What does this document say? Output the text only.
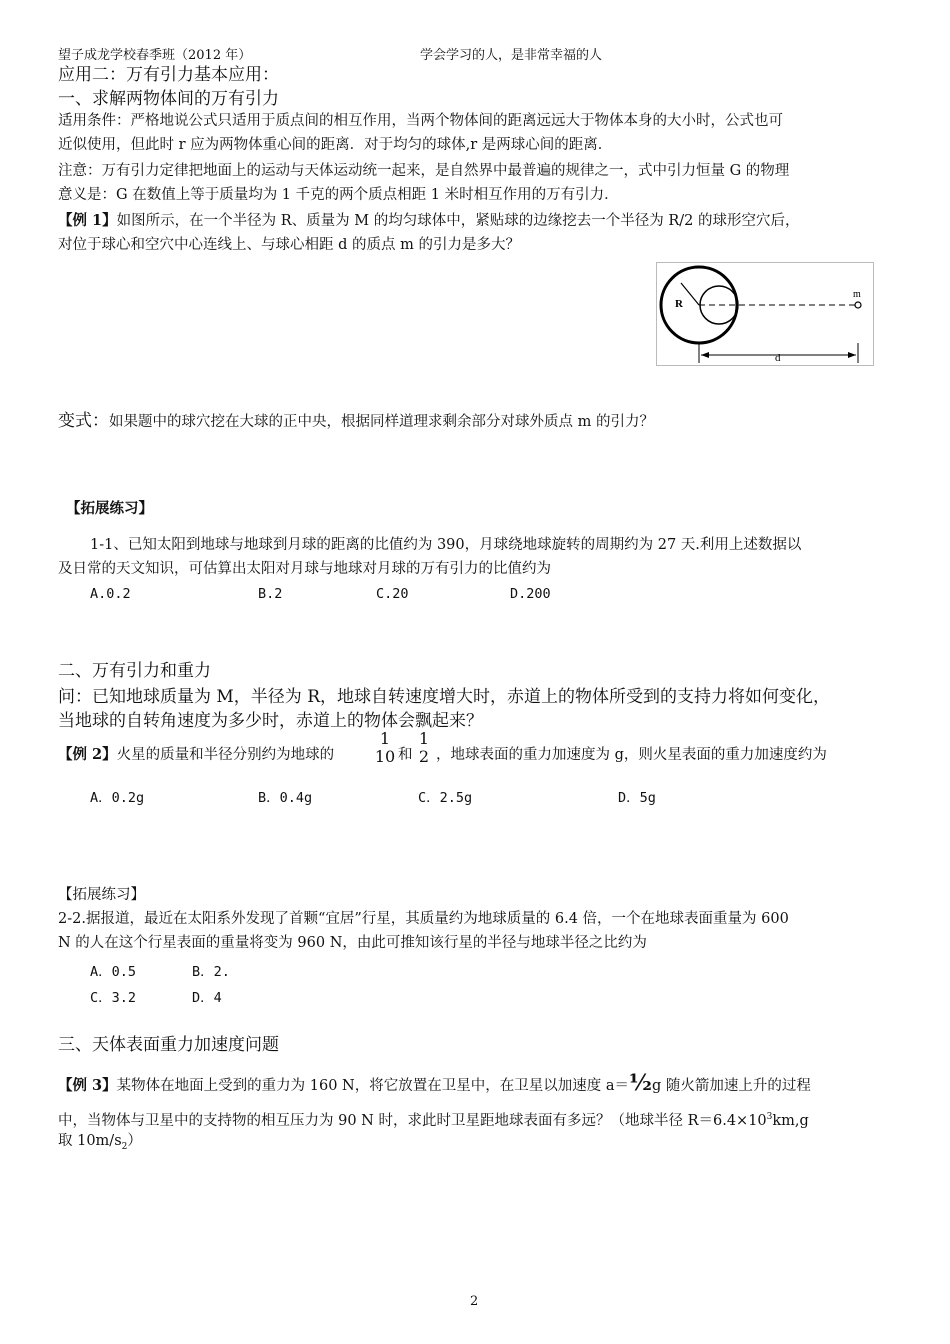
望子成龙学校春季班（2012 年）	学会学习的人，是非常幸福的人
应用二：万有引力基本应用：
一、求解两物体间的万有引力
适用条件：严格地说公式只适用于质点间的相互作用，当两个物体间的距离远远大于物体本身的大小时，公式也可
近似使用，但此时 r 应为两物体重心间的距离．对于均匀的球体,r 是两球心间的距离．
注意：万有引力定律把地面上的运动与天体运动统一起来，是自然界中最普遍的规律之一，式中引力恒量 G 的物理
意义是：G 在数值上等于质量均为 1 千克的两个质点相距 1 米时相互作用的万有引力．
【例 1】如图所示，在一个半径为 R、质量为 M 的均匀球体中，紧贴球的边缘挖去一个半径为 R/2 的球形空穴后，
对位于球心和空穴中心连线上、与球心相距 d 的质点 m 的引力是多大？
R
m
d
变式：如果题中的球穴挖在大球的正中央，根据同样道理求剩余部分对球外质点 m 的引力？
【拓展练习】
1-1、已知太阳到地球与地球到月球的距离的比值约为 390，月球绕地球旋转的周期约为 27 天.利用上述数据以
及日常的天文知识，可估算出太阳对月球与地球对月球的万有引力的比值约为
A.0.2	B.2	C.20	D.200
二、万有引力和重力
问：已知地球质量为 M，半径为 R，地球自转速度增大时，赤道上的物体所受到的支持力将如何变化，
当地球的自转角速度为多少时，赤道上的物体会飘起来？
【例 2】火星的质量和半径分别约为地球的
1
10 和
1
2 ，地球表面的重力加速度为 g，则火星表面的重力加速度约为
A．0.2g	B．0.4g	C．2.5g	D．5g
【拓展练习】
2-2.据报道，最近在太阳系外发现了首颗“宜居”行星，其质量约为地球质量的 6.4 倍，一个在地球表面重量为 600
N 的人在这个行星表面的重量将变为 960 N，由此可推知该行星的半径与地球半径之比约为
A．0.5	B．2.
C．3.2	D．4
三、天体表面重力加速度问题
【例 3】某物体在地面上受到的重力为 160 N，将它放置在卫星中，在卫星以加速度 a＝½g 随火箭加速上升的过程
中，当物体与卫星中的支持物的相互压力为 90 N 时，求此时卫星距地球表面有多远？（地球半径 $R=6.4\times 10^3km,g$
取 $10m/s_2$）
2
